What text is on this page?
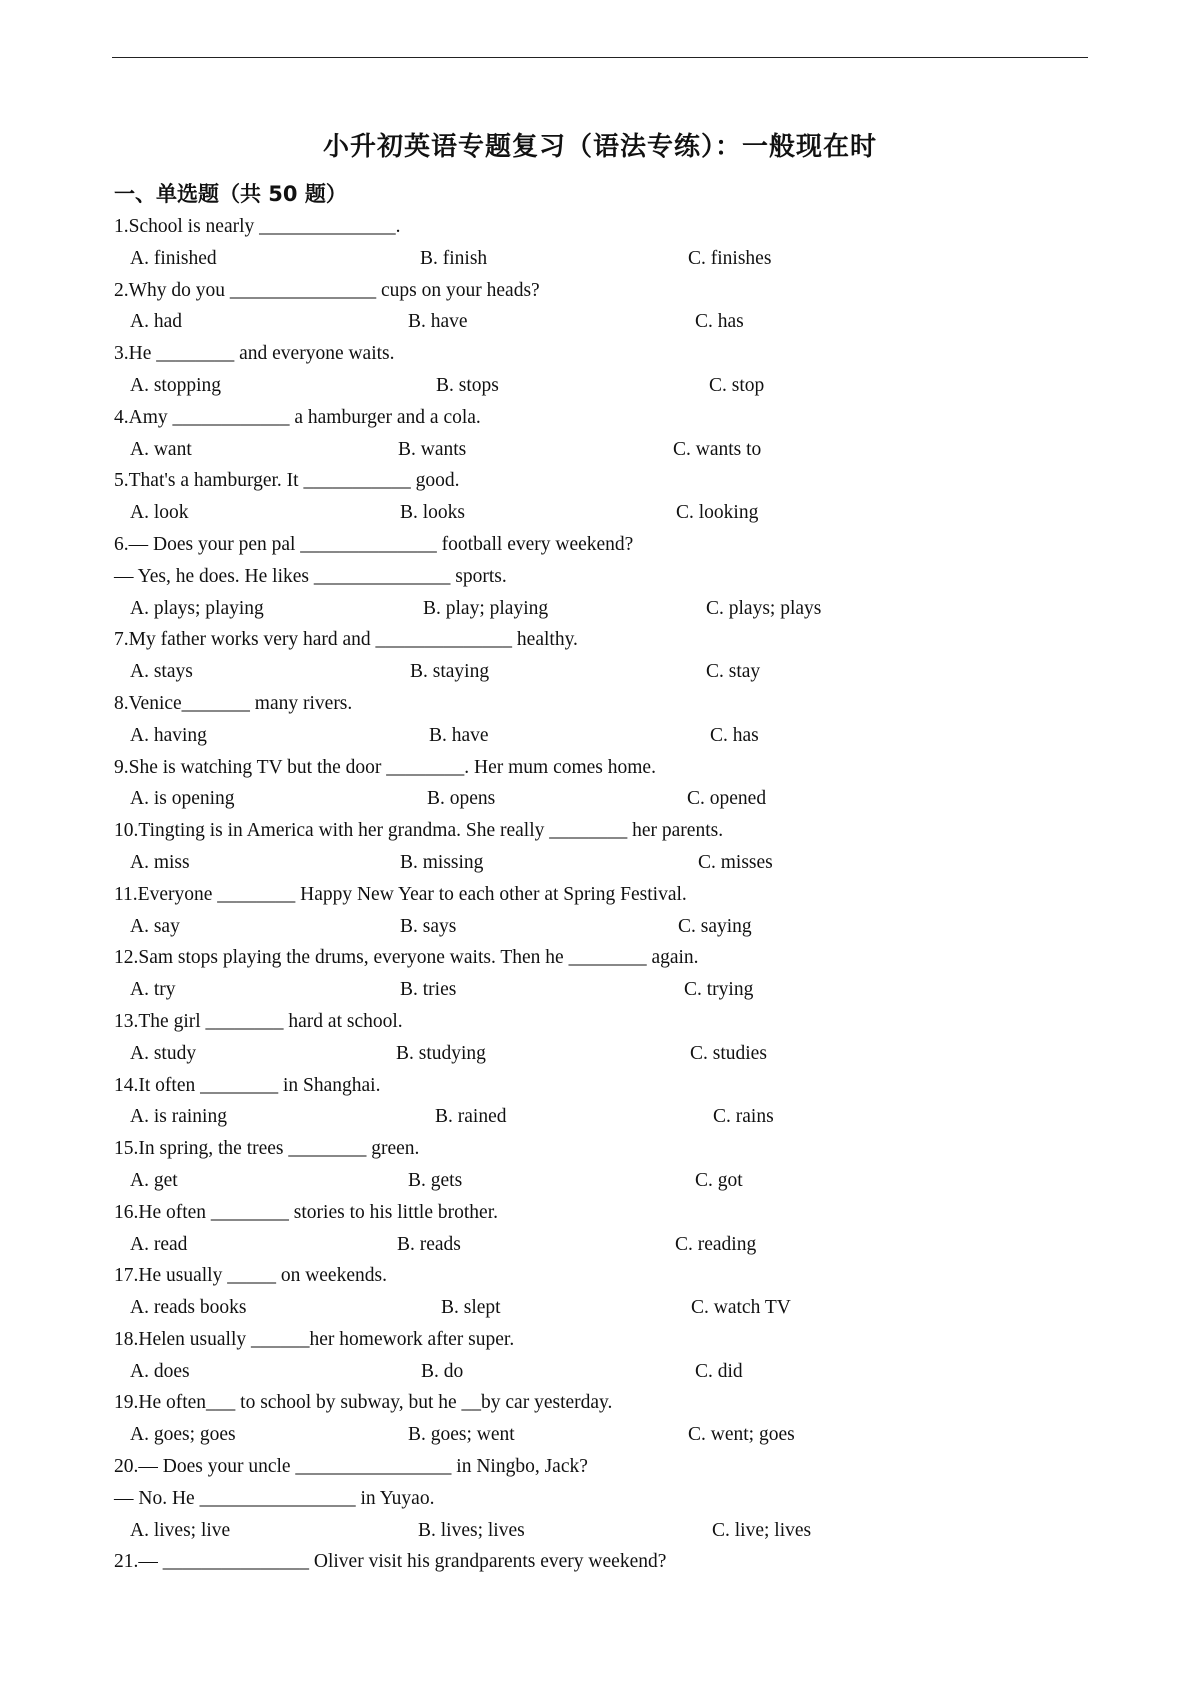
小升初英语专题复习（语法专练）：一般现在时
一、单选题（共 50 题）
1.School is nearly ______________.
A. finished	B. finish	C. finishes
2.Why do you _______________ cups on your heads?
A. had	B. have	C. has
3.He ________ and everyone waits.
A. stopping	B. stops	C. stop
4.Amy ____________ a hamburger and a cola.
A. want	B. wants	C. wants to
5.That's a hamburger. It ___________ good.
A. look	B. looks	C. looking
6.— Does your pen pal ______________ football every weekend?
— Yes, he does. He likes ______________ sports.
A. plays; playing	B. play; playing	C. plays; plays
7.My father works very hard and ______________ healthy.
A. stays	B. staying	C. stay
8.Venice_______ many rivers.
A. having	B. have	C. has
9.She is watching TV but the door ________. Her mum comes home.
A. is opening	B. opens	C. opened
10.Tingting is in America with her grandma. She really ________ her parents.
A. miss	B. missing	C. misses
11.Everyone ________ Happy New Year to each other at Spring Festival.
A. say	B. says	C. saying
12.Sam stops playing the drums, everyone waits. Then he ________ again.
A. try	B. tries	C. trying
13.The girl ________ hard at school.
A. study	B. studying	C. studies
14.It often ________ in Shanghai.
A. is raining	B. rained	C. rains
15.In spring, the trees ________ green.
A. get	B. gets	C. got
16.He often ________ stories to his little brother.
A. read	B. reads	C. reading
17.He usually _____ on weekends.
A. reads books	B. slept	C. watch TV
18.Helen usually ______her homework after super.
A. does	B. do	C. did
19.He often___ to school by subway, but he __by car yesterday.
A. goes; goes	B. goes; went	C. went; goes
20.— Does your uncle ________________ in Ningbo, Jack?
— No. He ________________ in Yuyao.
A. lives; live	B. lives; lives	C. live; lives
21.— _______________ Oliver visit his grandparents every weekend?
